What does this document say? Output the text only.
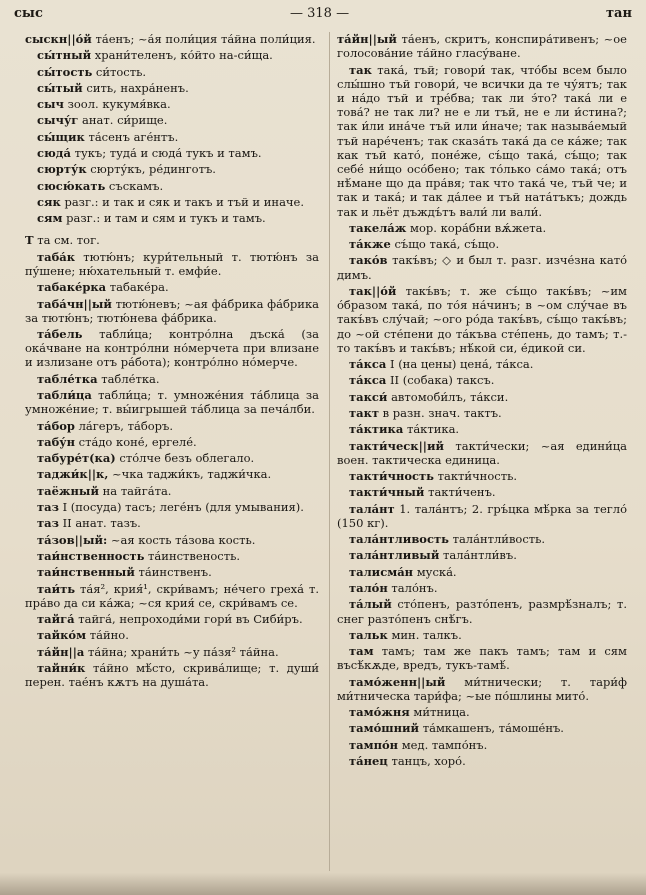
сыс	— 318 —	тан

сыскн||о́й та́енъ; ~а́я поли́ция та́йна поли́ция.

сы́тный храни́теленъ, ко́йто на-си́ща.

сы́тость си́тость.

сы́тый сить, нахра́ненъ.

сыч зоол. кукумя́вка.

сычу́г анат. си́рище.

сы́щик та́сенъ аге́нтъ.

сюда́ тукъ; туда́ и сюда́ тукъ и тамъ.

сюрту́к сюрту́къ, ре́динготъ.

сюсю́кать съскамъ.

сяк разг.: и так и сяк и такъ и тъй и иначе.

сям разг.: и там и сям и тукъ и тамъ.

Т та см. тог.

таба́к тютю́нъ; кури́тельный т. тютю́нъ за пу́шене; ню́хательный т. емфи́е.

табаке́рка табаке́ра.

таба́чн||ый тютю́невъ; ~ая фа́брика фа́брика за тютю́нъ; тютю́нева фа́брика.

та́бель табли́ца; контро́лна дъска́ (за ока́чване на контро́лни но́мерчета при влизане и излизане отъ ра́бота); контро́лно но́мерче.

табле́тка табле́тка.

табли́ца табли́ца; т. умноже́ния та́блица за умноже́ние; т. вы́игрышей та́блица за печа́лби.

та́бор ла́геръ, та́боръ.

табу́н ста́до коне́, ергеле́.

табуре́т(ка) сто́лче безъ облегало.

таджи́к||к, ~чка таджи́къ, таджи́чка.

таёжный на тайга́та.

таз I (посуда) тасъ; леге́нъ (для умывания).

таз II анат. тазъ.

та́зов||ый: ~ая кость та́зова кость.

таи́нственность та́инственость.

таи́нственный та́инственъ.

таи́ть та́я², крия́¹, скри́вамъ; не́чего греха́ т. пра́во да си ка́жа; ~ся крия́ се, скри́вамъ се.

тайга́ тайга́, непроходи́ми гори́ въ Сиби́ръ.

тайко́м та́йно.

та́йн||а та́йна; храни́ть ~у па́зя² та́йна.

тайни́к та́йно мѣ́сто, скрива́лище; т. души́ перен. тае́нъ кѫтъ на душа́та.

та́йн||ый та́енъ, скритъ, конспира́тивенъ; ~ое голосова́ние та́йно гласу́ване.

так така́, тъй; говори́ так, что́бы всем было слы́шно тъй говори́, че всички да те чу́ятъ; так и на́до тъй и тре́бва; так ли э́то? така́ ли е това́? не так ли? не е ли тъй, не е ли и́стина?; так и́ли ина́че тъй или и́наче; так называ́емый тъй наре́ченъ; так сказа́ть така́ да се ка́же; так как тъй като́, поне́же, съ́що така́, съ́що; так себе́ ни́що осо́бено; так то́лько са́мо така́; отъ нѣ́мане що да пра́вя; так что така́ че, тъй че; и так и така́; и так да́лее и тъй ната́тъкъ; дождь так и льёт дъждъ́тъ вали́ ли вали́.

такела́ж мор. кора́бни вѫ́жета.

та́кже съ́що така́, съ́що.

тако́в такъ́въ; ◇ и был т. разг. изче́зна като́ димъ.

так||о́й такъ́въ; т. же съ́що такъ́въ; ~им о́бразом така́, по то́я на́чинъ; в ~ом слу́чае въ такъ́въ слу́чай; ~ого ро́да такъ́въ, съ́що такъ́въ; до ~ой сте́пени до та́къва сте́пень, до тамъ; т.-то такъ́въ и такъ́въ; нѣ́кой си, е́дикой си.

та́кса I (на цены) цена́, та́кса.

та́кса II (собака) таксъ.

такси́ автомоби́лъ, та́кси.

такт в разн. знач. тактъ.

та́ктика та́ктика.

такти́ческ||ий такти́чески; ~ая едини́ца воен. тактическа единица.

такти́чность такти́чность.

такти́чный такти́ченъ.

тала́нт 1. тала́нтъ; 2. гръ́цка мѣ́рка за тегло́ (150 кг).

тала́нтливость тала́нтли́вость.

тала́нтливый тала́нтли́въ.

талисма́н муска́.

тало́н тало́нъ.

та́лый сто́пенъ, разто́пенъ, размрѣ́зналъ; т. снег разто́пенъ снѣ́гъ.

тальк мин. талкъ.

там тамъ; там же пакъ тамъ; там и сям въсѣ́кѫде, вредъ, тукъ-тамѣ́.

тамо́женн||ый ми́тнически; т. тари́ф ми́тническа тари́фа; ~ые по́шлины мито́.

тамо́жня ми́тница.

тамо́шний та́мкашенъ, та́моше́нъ.

тампо́н мед. тампо́нъ.

та́нец танцъ, хоро́.
